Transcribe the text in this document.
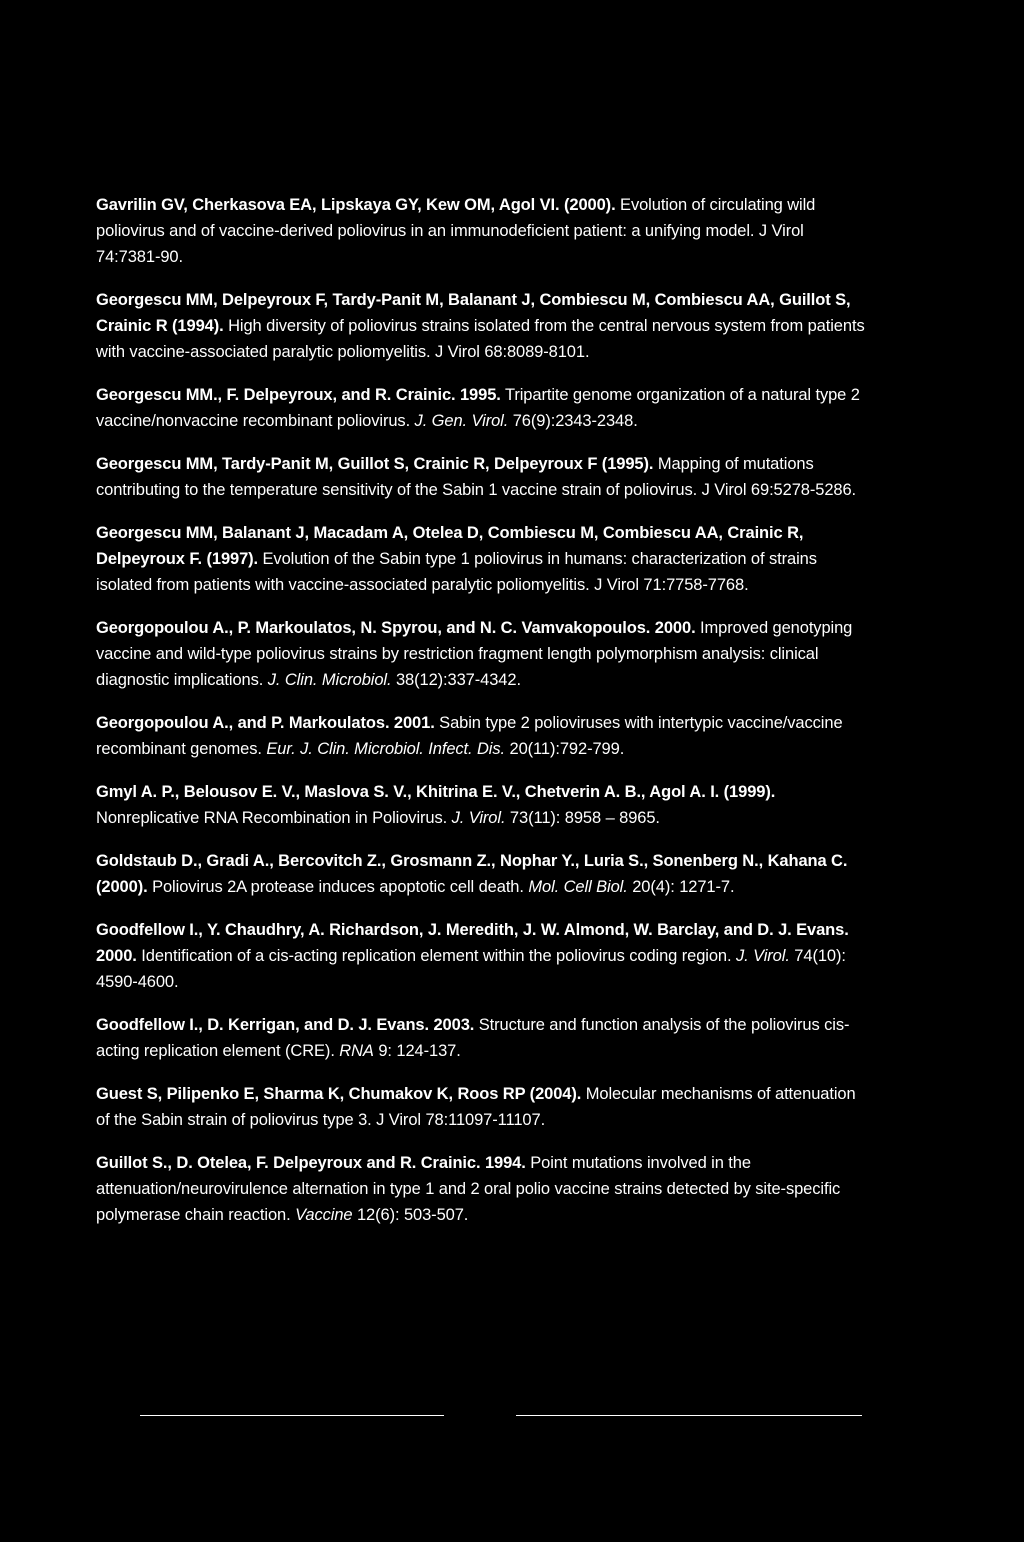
Gavrilin GV, Cherkasova EA, Lipskaya GY, Kew OM, Agol VI. (2000). Evolution of circulating wild poliovirus and of vaccine-derived poliovirus in an immunodeficient patient: a unifying model. J Virol 74:7381-90.

Georgescu MM, Delpeyroux F, Tardy-Panit M, Balanant J, Combiescu M, Combiescu AA, Guillot S, Crainic R (1994). High diversity of poliovirus strains isolated from the central nervous system from patients with vaccine-associated paralytic poliomyelitis. J Virol 68:8089-8101.

Georgescu MM., F. Delpeyroux, and R. Crainic. 1995. Tripartite genome organization of a natural type 2 vaccine/nonvaccine recombinant poliovirus. J. Gen. Virol. 76(9):2343-2348.

Georgescu MM, Tardy-Panit M, Guillot S, Crainic R, Delpeyroux F (1995). Mapping of mutations contributing to the temperature sensitivity of the Sabin 1 vaccine strain of poliovirus. J Virol 69:5278-5286.

Georgescu MM, Balanant J, Macadam A, Otelea D, Combiescu M, Combiescu AA, Crainic R, Delpeyroux F. (1997). Evolution of the Sabin type 1 poliovirus in humans: characterization of strains isolated from patients with vaccine-associated paralytic poliomyelitis. J Virol 71:7758-7768.

Georgopoulou A., P. Markoulatos, N. Spyrou, and N. C. Vamvakopoulos. 2000. Improved genotyping vaccine and wild-type poliovirus strains by restriction fragment length polymorphism analysis: clinical diagnostic implications. J. Clin. Microbiol. 38(12):337-4342.

Georgopoulou A., and P. Markoulatos. 2001. Sabin type 2 polioviruses with intertypic vaccine/vaccine recombinant genomes. Eur. J. Clin. Microbiol. Infect. Dis. 20(11):792-799.

Gmyl A. P., Belousov E. V., Maslova S. V., Khitrina E. V., Chetverin A. B., Agol A. I. (1999). Nonreplicative RNA Recombination in Poliovirus. J. Virol. 73(11): 8958 – 8965.

Goldstaub D., Gradi A., Bercovitch Z., Grosmann Z., Nophar Y., Luria S., Sonenberg N., Kahana C. (2000). Poliovirus 2A protease induces apoptotic cell death. Mol. Cell Biol. 20(4): 1271-7.

Goodfellow I., Y. Chaudhry, A. Richardson, J. Meredith, J. W. Almond, W. Barclay, and D. J. Evans. 2000. Identification of a cis-acting replication element within the poliovirus coding region. J. Virol. 74(10): 4590-4600.

Goodfellow I., D. Kerrigan, and D. J. Evans. 2003. Structure and function analysis of the poliovirus cis-acting replication element (CRE). RNA 9: 124-137.

Guest S, Pilipenko E, Sharma K, Chumakov K, Roos RP (2004). Molecular mechanisms of attenuation of the Sabin strain of poliovirus type 3. J Virol 78:11097-11107.

Guillot S., D. Otelea, F. Delpeyroux and R. Crainic. 1994. Point mutations involved in the attenuation/neurovirulence alternation in type 1 and 2 oral polio vaccine strains detected by site-specific polymerase chain reaction. Vaccine 12(6): 503-507.
